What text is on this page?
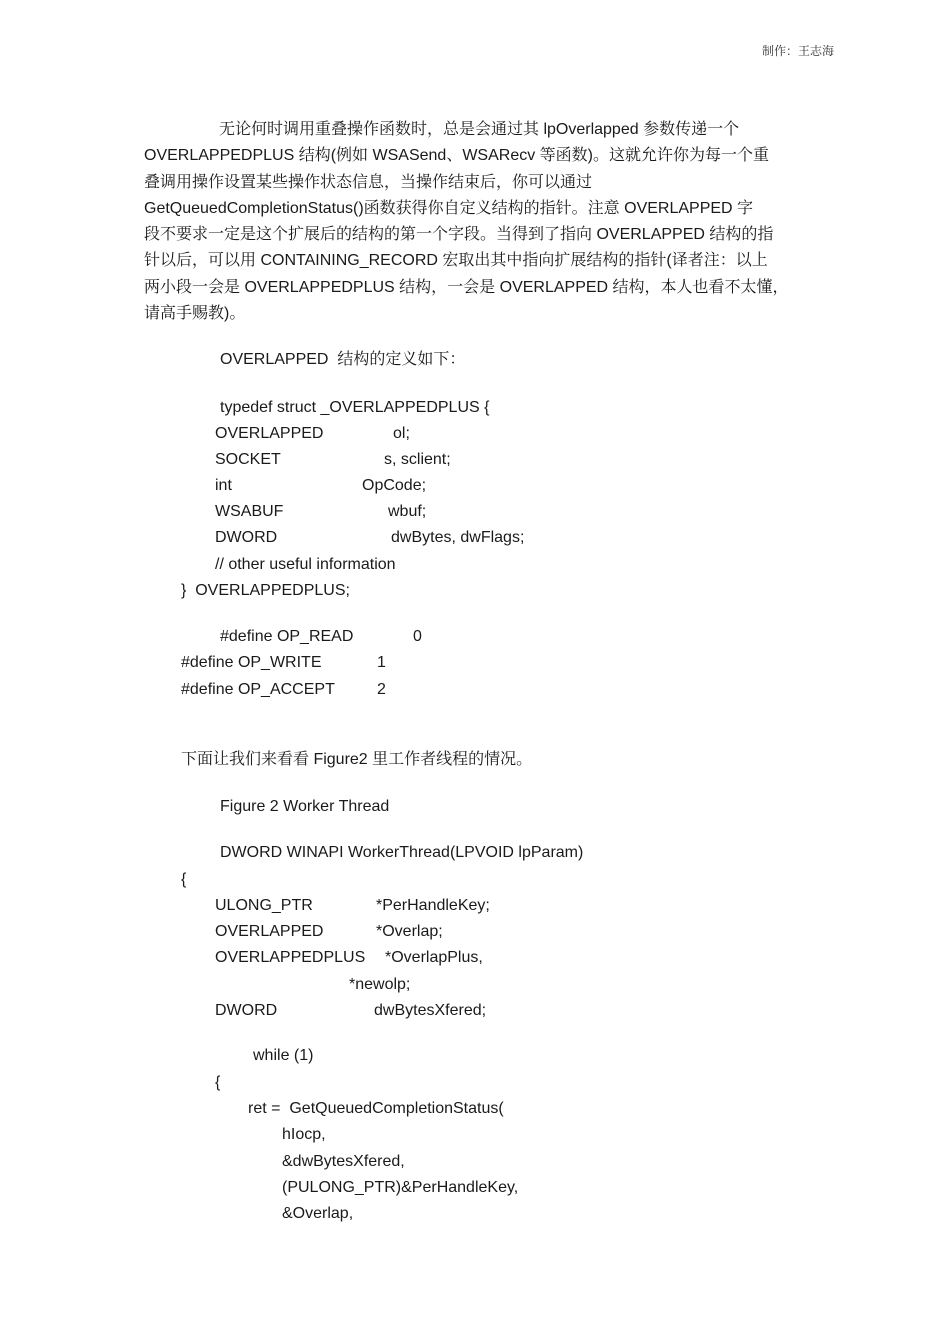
制作：王志海
无论何时调用重叠操作函数时，总是会通过其 lpOverlapped 参数传递一个
OVERLAPPEDPLUS 结构(例如 WSASend、WSARecv 等函数)。这就允许你为每一个重
叠调用操作设置某些操作状态信息，当操作结束后，你可以通过
GetQueuedCompletionStatus()函数获得你自定义结构的指针。注意 OVERLAPPED 字
段不要求一定是这个扩展后的结构的第一个字段。当得到了指向 OVERLAPPED 结构的指
针以后，可以用 CONTAINING_RECORD 宏取出其中指向扩展结构的指针(译者注：以上
两小段一会是 OVERLAPPEDPLUS 结构，一会是 OVERLAPPED 结构，本人也看不太懂，
请高手赐教)。
OVERLAPPED  结构的定义如下：
typedef struct _OVERLAPPEDPLUS {
OVERLAPPED	ol;
SOCKET	s, sclient;
int	OpCode;
WSABUF	wbuf;
DWORD	dwBytes, dwFlags;
// other useful information
}  OVERLAPPEDPLUS;
#define OP_READ	0
#define OP_WRITE	1
#define OP_ACCEPT	2
下面让我们来看看 Figure2 里工作者线程的情况。
Figure 2 Worker Thread
DWORD WINAPI WorkerThread(LPVOID lpParam)
{
ULONG_PTR	*PerHandleKey;
OVERLAPPED	*Overlap;
OVERLAPPEDPLUS *OverlapPlus,
*newolp;
DWORD	dwBytesXfered;
while (1)
{
ret =  GetQueuedCompletionStatus(
hIocp,
&dwBytesXfered,
(PULONG_PTR)&PerHandleKey,
&Overlap,
